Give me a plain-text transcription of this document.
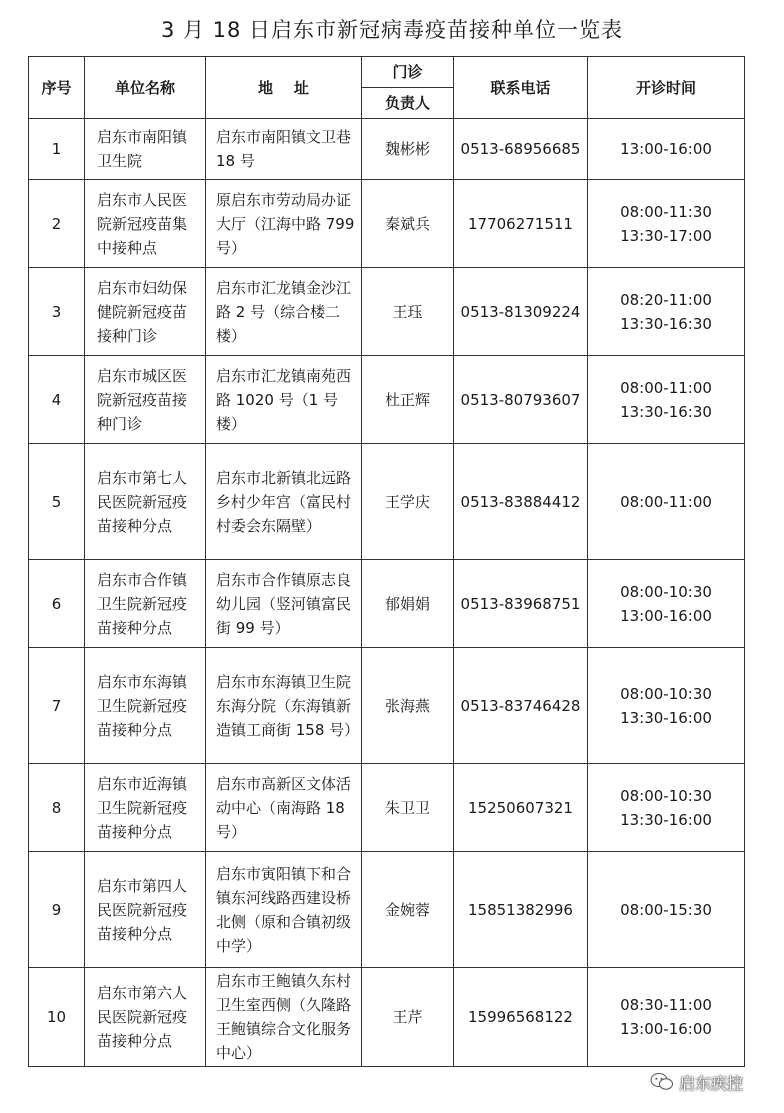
3 月 18 日启东市新冠病毒疫苗接种单位一览表
序号	单位名称	地    址	门诊	联系电话	开诊时间
			负责人		
1	启东市南阳镇卫生院	启东市南阳镇文卫巷 18 号	魏彬彬	0513-68956685	13:00-16:00

2	启东市人民医院新冠疫苗集中接种点	原启东市劳动局办证大厅（江海中路 799 号）	秦斌兵	17706271511	08:00-11:30
13:30-17:00

3	启东市妇幼保健院新冠疫苗接种门诊	启东市汇龙镇金沙江路 2 号（综合楼二楼）	王珏	0513-81309224	08:20-11:00
13:30-16:30

4	启东市城区医院新冠疫苗接种门诊	启东市汇龙镇南苑西路 1020 号（1 号楼）	杜正辉	0513-80793607	08:00-11:00
13:30-16:30

5	启东市第七人民医院新冠疫苗接种分点	启东市北新镇北远路乡村少年宫（富民村村委会东隔壁）	王学庆	0513-83884412	08:00-11:00

6	启东市合作镇卫生院新冠疫苗接种分点	启东市合作镇原志良幼儿园（竖河镇富民街 99 号）	郁娟娟	0513-83968751	08:00-10:30
13:00-16:00

7	启东市东海镇卫生院新冠疫苗接种分点	启东市东海镇卫生院东海分院（东海镇新造镇工商街 158 号）	张海燕	0513-83746428	08:00-10:30
13:30-16:00

8	启东市近海镇卫生院新冠疫苗接种分点	启东市高新区文体活动中心（南海路 18 号）	朱卫卫	15250607321	08:00-10:30
13:30-16:00

9	启东市第四人民医院新冠疫苗接种分点	启东市寅阳镇下和合镇东河线路西建设桥北侧（原和合镇初级中学）	金婉蓉	15851382996	08:00-15:30

10	启东市第六人民医院新冠疫苗接种分点	启东市王鲍镇久东村卫生室西侧（久隆路王鲍镇综合文化服务中心）	王芹	15996568122	08:30-11:00
13:00-16:00
启东疾控
